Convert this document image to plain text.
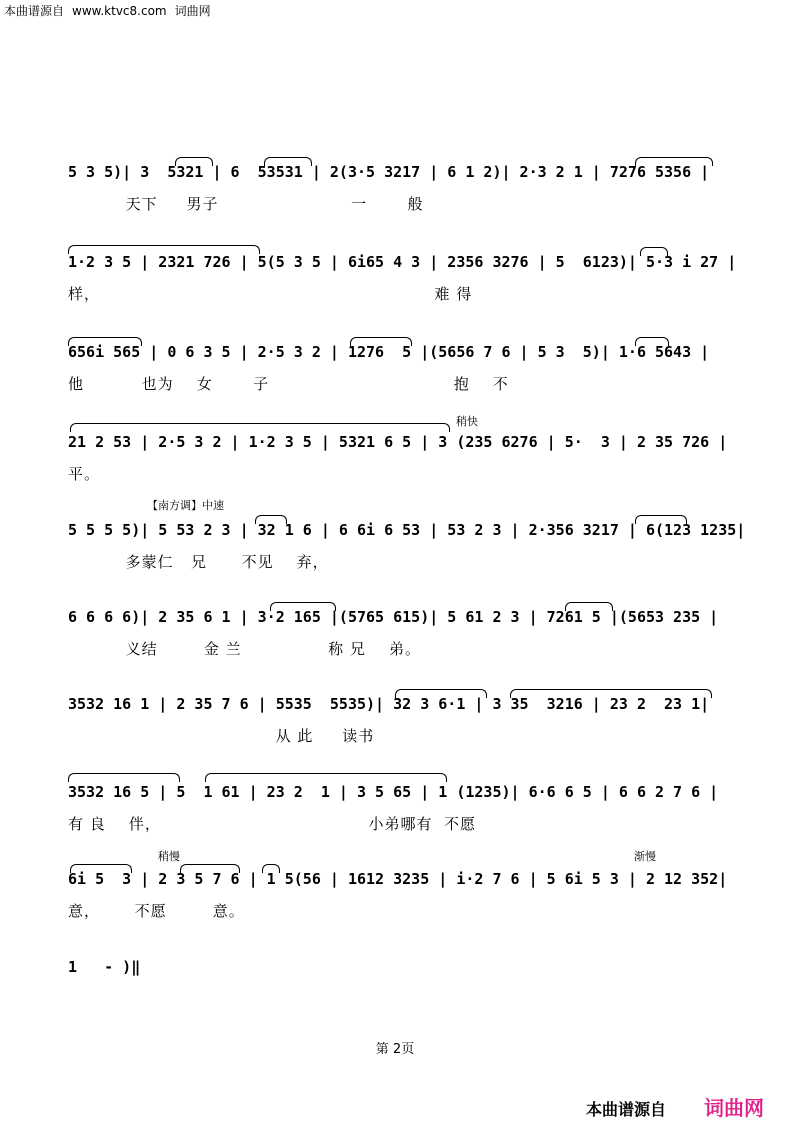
本曲谱源自 www.ktvc8.com 词曲网
5 3 5)| 3  5321 | 6  53531 | 2(3·5 3217 | 6 1 2)| 2·3 2 1 | 7276 5356 |
天下     男子                       一       般
1·2 3 5 | 2321 726 | 5(5 3 5 | 6i65 4 3 | 2356 3276 | 5  6123)| 5·3 i 27 |
样，                                                          难 得
656i 565 | 0 6 3 5 | 2·5 3 2 | 1276  5 |(5656 7 6 | 5 3  5)| 1·6 5643 |
他          也为    女       子                                抱    不
稍快
21 2 53 | 2·5 3 2 | 1·2 3 5 | 5321 6 5 | 3 (235 6276 | 5·  3 | 2 35 726 |
平。
【南方调】中速
5 5 5 5)| 5 53 2 3 | 32 1 6 | 6 6i 6 53 | 53 2 3 | 2·356 3217 | 6(123 1235|
多蒙仁   兄      不见    弃，
6 6 6 6)| 2 35 6 1 | 3·2 165 |(5765 615)| 5 61 2 3 | 7261 5 |(5653 235 |
义结        金 兰               称 兄    弟。
3532 16 1 | 2 35 7 6 | 5535  5535)| 32 3 6·1 | 3 35  3216 | 23 2  23 1|
从 此     读书
3532 16 5 | 5  1 61 | 23 2  1 | 3 5 65 | 1 (1235)| 6·6 6 5 | 6 6 2 7 6 |
有 良    伴，                                    小弟哪有  不愿
稍慢	渐慢
6i 5  3 | 2 3 5 7 6 | 1 5(56 | 1612 3235 | i·2 7 6 | 5 6i 5 3 | 2 12 352|
意，      不愿        意。
1   - )‖
第 2页
本曲谱源自 词曲网
